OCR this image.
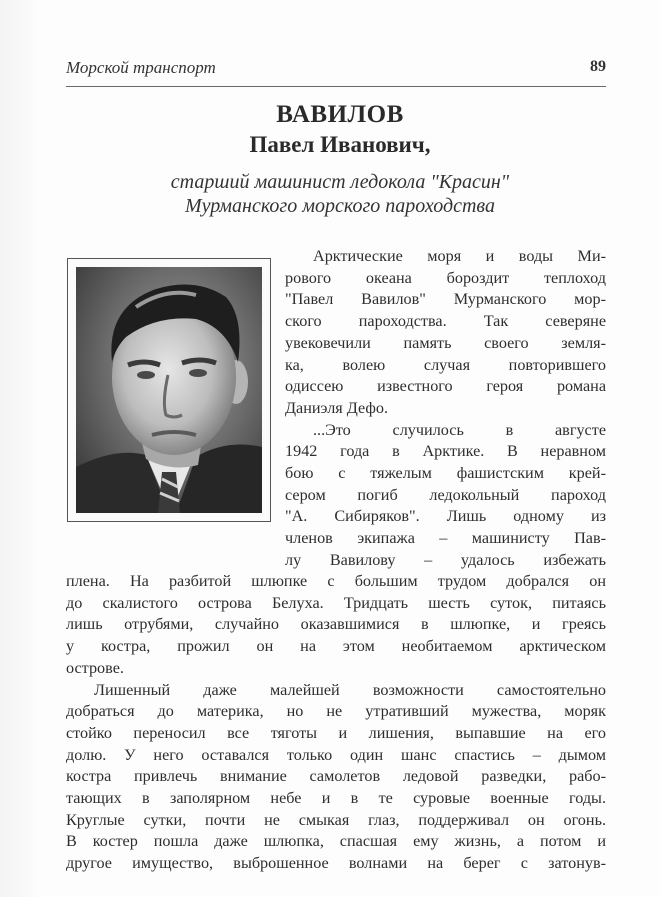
Морской транспорт	89
ВАВИЛОВ
Павел Иванович,
старший машинист ледокола "Красин"
Мурманского морского пароходства
Арктические моря и воды Ми-
рового океана бороздит теплоход
"Павел Вавилов" Мурманского мор-
ского пароходства. Так северяне
увековечили память своего земля-
ка, волею случая повторившего
одиссею известного героя романа
Даниэля Дефо.
...Это случилось в августе
1942 года в Арктике. В неравном
бою с тяжелым фашистским крей-
сером погиб ледокольный пароход
"А. Сибиряков". Лишь одному из
членов экипажа – машинисту Пав-
лу Вавилову – удалось избежать
плена. На разбитой шлюпке с большим трудом добрался он
до скалистого острова Белуха. Тридцать шесть суток, питаясь
лишь отрубями, случайно оказавшимися в шлюпке, и греясь
у костра, прожил он на этом необитаемом арктическом
острове.
Лишенный даже малейшей возможности самостоятельно
добраться до материка, но не утративший мужества, моряк
стойко переносил все тяготы и лишения, выпавшие на его
долю. У него оставался только один шанс спастись – дымом
костра привлечь внимание самолетов ледовой разведки, рабо-
тающих в заполярном небе и в те суровые военные годы.
Круглые сутки, почти не смыкая глаз, поддерживал он огонь.
В костер пошла даже шлюпка, спасшая ему жизнь, а потом и
другое имущество, выброшенное волнами на берег с затонув-
